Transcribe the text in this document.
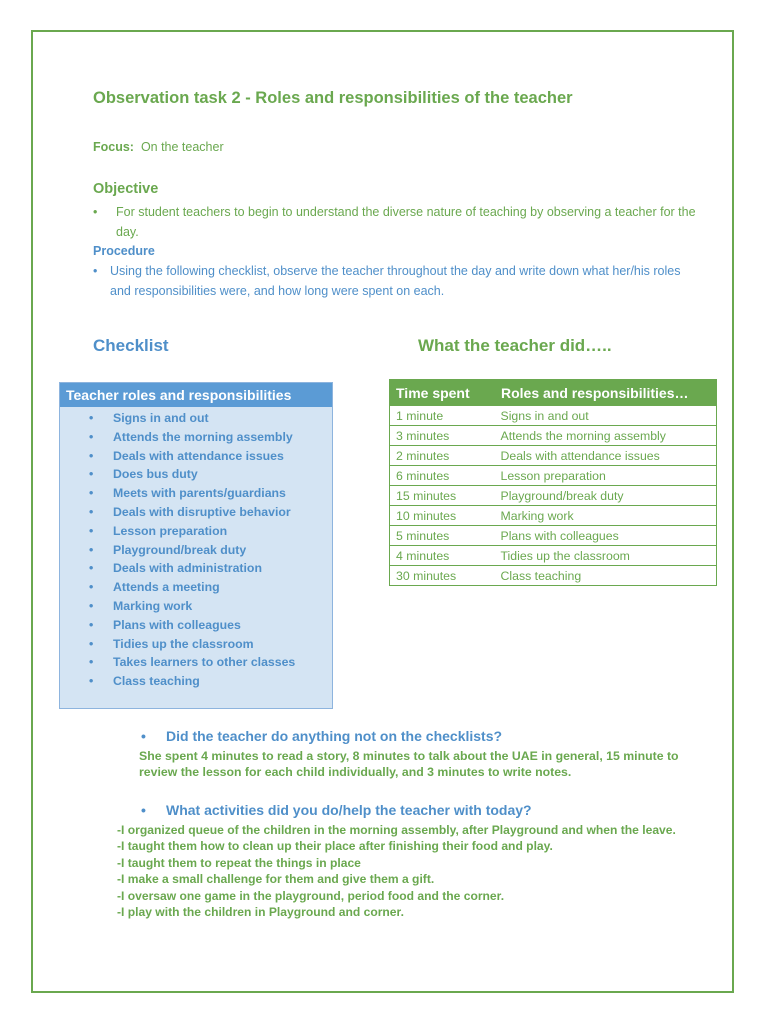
Observation task 2 - Roles and responsibilities of the teacher
Focus: On the teacher
Objective
•	For student teachers to begin to understand the diverse nature of teaching by observing a teacher for the day.
Procedure
•	Using the following checklist, observe the teacher throughout the day and write down what her/his roles and responsibilities were, and how long were spent on each.
Checklist	What the teacher did…..
Teacher roles and responsibilities
• Signs in and out
• Attends the morning assembly
• Deals with attendance issues
• Does bus duty
• Meets with parents/guardians
• Deals with disruptive behavior
• Lesson preparation
• Playground/break duty
• Deals with administration
• Attends a meeting
• Marking work
• Plans with colleagues
• Tidies up the classroom
• Takes learners to other classes
• Class teaching
Time spent	Roles and responsibilities…
1 minute	Signs in and out
3 minutes	Attends the morning assembly
2 minutes	Deals with attendance issues
6 minutes	Lesson preparation
15 minutes	Playground/break duty
10 minutes	Marking work
5 minutes	Plans with colleagues
4 minutes	Tidies up the classroom
30 minutes	Class teaching
• Did the teacher do anything not on the checklists?
She spent 4 minutes to read a story, 8 minutes to talk about the UAE in general, 15 minute to review the lesson for each child individually, and 3 minutes to write notes.
• What activities did you do/help the teacher with today?
-I organized queue of the children in the morning assembly, after Playground and when the leave.
-I taught them how to clean up their place after finishing their food and play.
-I taught them to repeat the things in place
-I make a small challenge for them and give them a gift.
-I oversaw one game in the playground, period food and the corner.
-I play with the children in Playground and corner.
